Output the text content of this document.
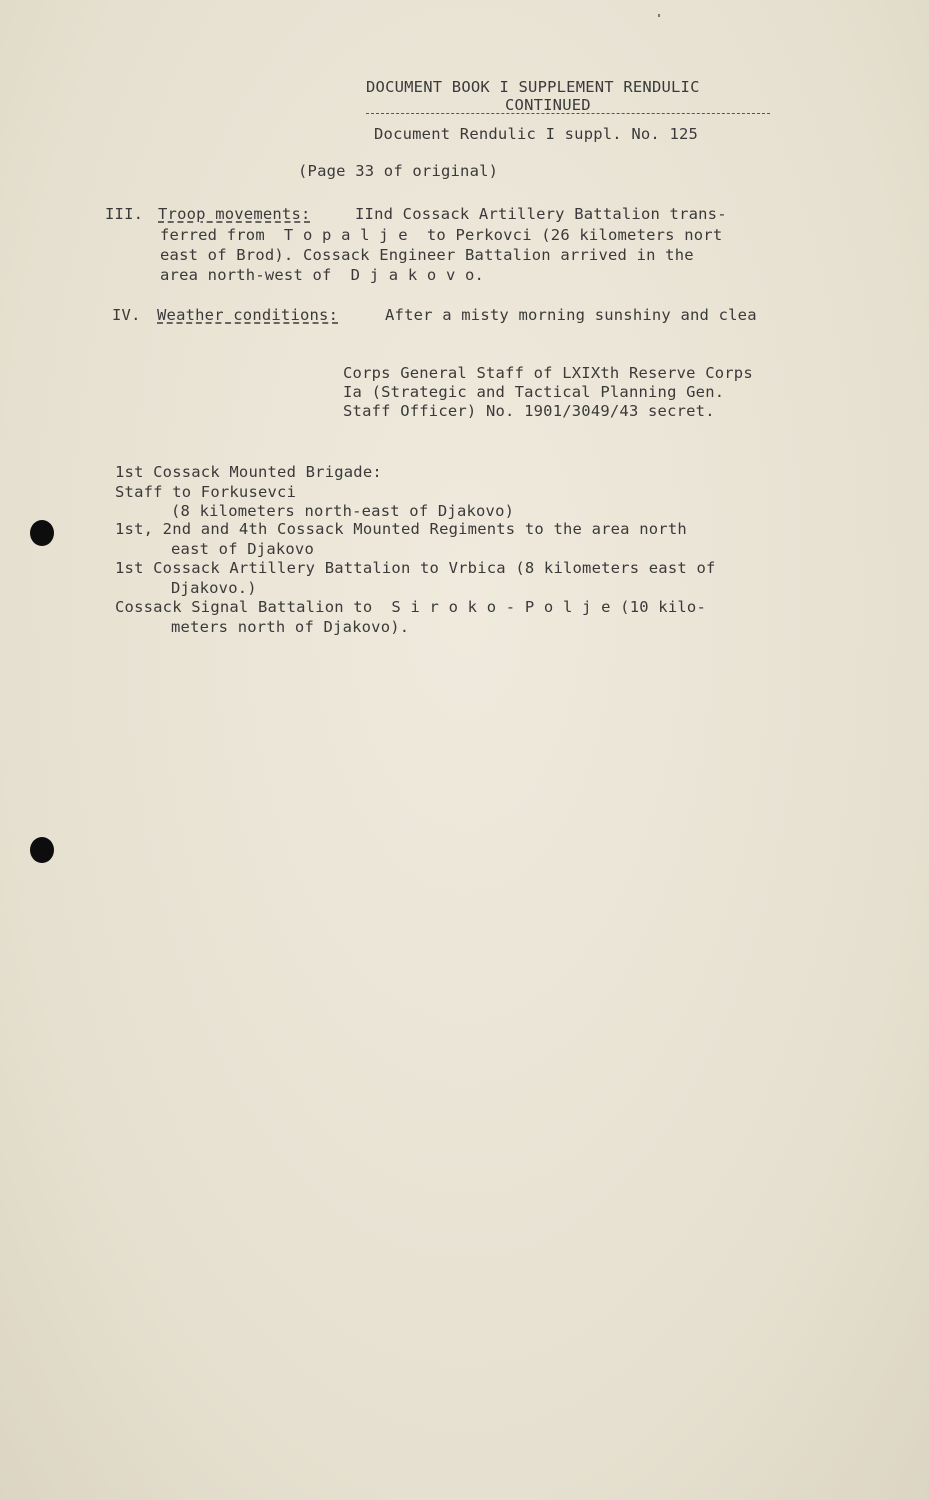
DOCUMENT BOOK I SUPPLEMENT RENDULIC
CONTINUED
Document Rendulic I suppl. No. 125
(Page 33 of original)
III. Troop movements:	IInd Cossack Artillery Battalion trans-
ferred from  T o p a l j e  to Perkovci (26 kilometers nort
east of Brod). Cossack Engineer Battalion arrived in the
area north-west of  D j a k o v o.
IV. Weather conditions:	After a misty morning sunshiny and clea
Corps General Staff of LXIXth Reserve Corps
Ia (Strategic and Tactical Planning Gen.
Staff Officer) No. 1901/3049/43 secret.
1st Cossack Mounted Brigade:
Staff to Forkusevci
(8 kilometers north-east of Djakovo)
1st, 2nd and 4th Cossack Mounted Regiments to the area north
east of Djakovo
1st Cossack Artillery Battalion to Vrbica (8 kilometers east of
Djakovo.)
Cossack Signal Battalion to  S i r o k o - P o l j e (10 kilo-
meters north of Djakovo).
